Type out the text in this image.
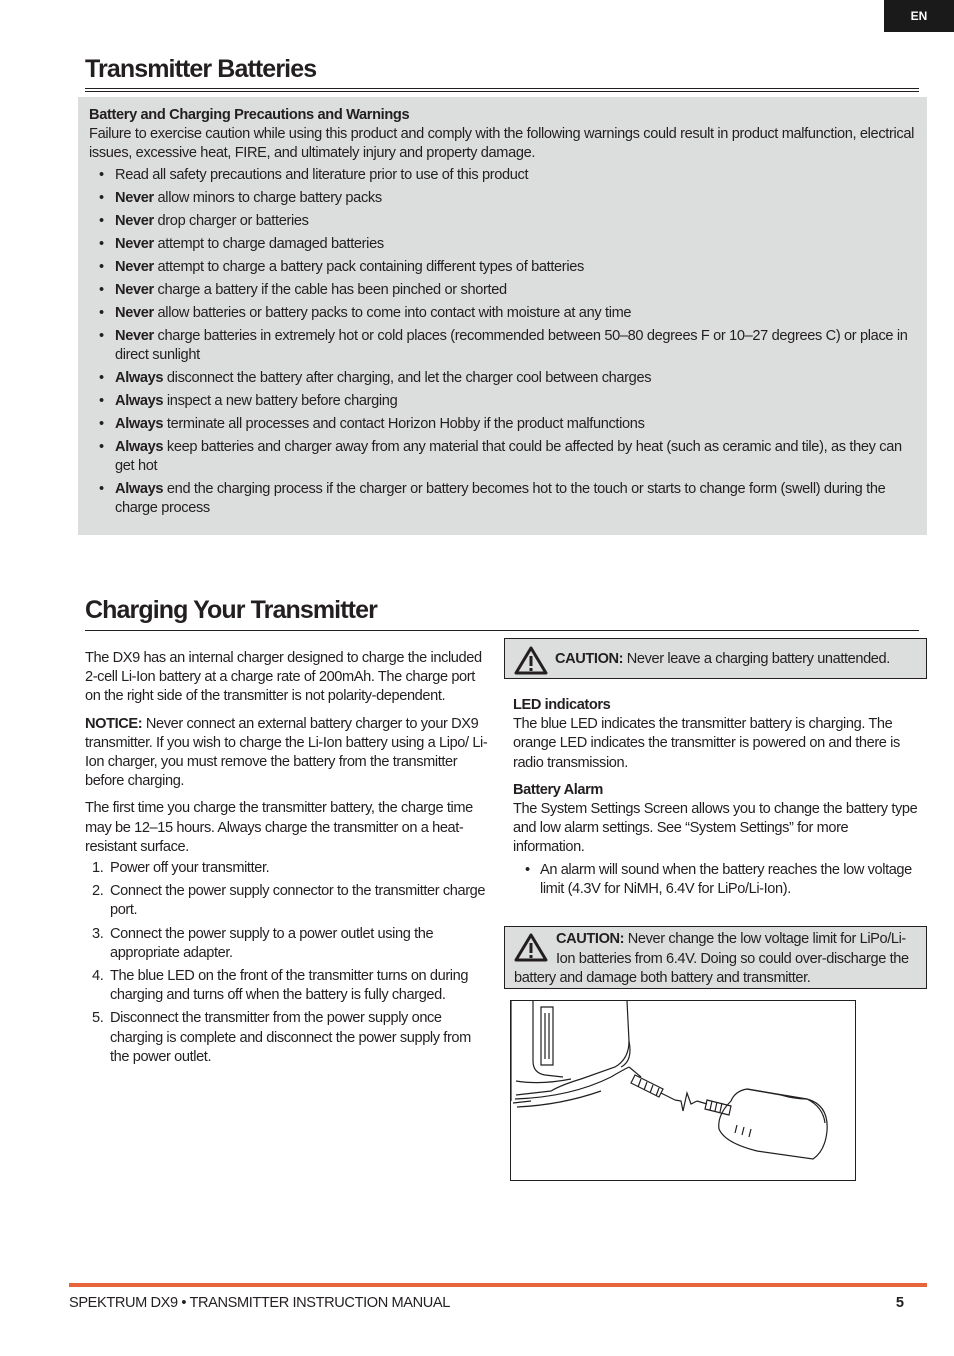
EN
Transmitter Batteries
Battery and Charging Precautions and Warnings
Failure to exercise caution while using this product and comply with the following warnings could result in product malfunction, electrical issues, excessive heat, FIRE, and ultimately injury and property damage.
• Read all safety precautions and literature prior to use of this product
• Never allow minors to charge battery packs
• Never drop charger or batteries
• Never attempt to charge damaged batteries
• Never attempt to charge a battery pack containing different types of batteries
• Never charge a battery if the cable has been pinched or shorted
• Never allow batteries or battery packs to come into contact with moisture at any time
• Never charge batteries in extremely hot or cold places (recommended between 50–80 degrees F or 10–27 degrees C) or place in direct sunlight
• Always disconnect the battery after charging, and let the charger cool between charges
• Always inspect a new battery before charging
• Always terminate all processes and contact Horizon Hobby if the product malfunctions
• Always keep batteries and charger away from any material that could be affected by heat (such as ceramic and tile), as they can get hot
• Always end the charging process if the charger or battery becomes hot to the touch or starts to change form (swell) during the charge process
Charging Your Transmitter

The DX9 has an internal charger designed to charge the included 2-cell Li-Ion battery at a charge rate of 200mAh. The charge port on the right side of the transmitter is not polarity-dependent.

NOTICE: Never connect an external battery charger to your DX9 transmitter. If you wish to charge the Li-Ion battery using a Lipo/ Li-Ion charger, you must remove the battery from the transmitter before charging.

The first time you charge the transmitter battery, the charge time may be 12–15 hours. Always charge the transmitter on a heat-resistant surface.

1. Power off your transmitter.
2. Connect the power supply connector to the transmitter charge port.
3. Connect the power supply to a power outlet using the appropriate adapter.
4. The blue LED on the front of the transmitter turns on during charging and turns off when the battery is fully charged.
5. Disconnect the transmitter from the power supply once charging is complete and disconnect the power supply from the power outlet.
CAUTION: Never leave a charging battery unattended.

LED indicators

The blue LED indicates the transmitter battery is charging. The orange LED indicates the transmitter is powered on and there is radio transmission.

Battery Alarm

The System Settings Screen allows you to change the battery type and low alarm settings. See “System Settings” for more information.

• An alarm will sound when the battery reaches the low voltage limit (4.3V for NiMH, 6.4V for LiPo/Li-Ion).
CAUTION: Never change the low voltage limit for LiPo/Li-Ion batteries from 6.4V. Doing so could over-discharge the battery and damage both battery and transmitter.
SPEKTRUM DX9 • TRANSMITTER INSTRUCTION MANUAL	5
